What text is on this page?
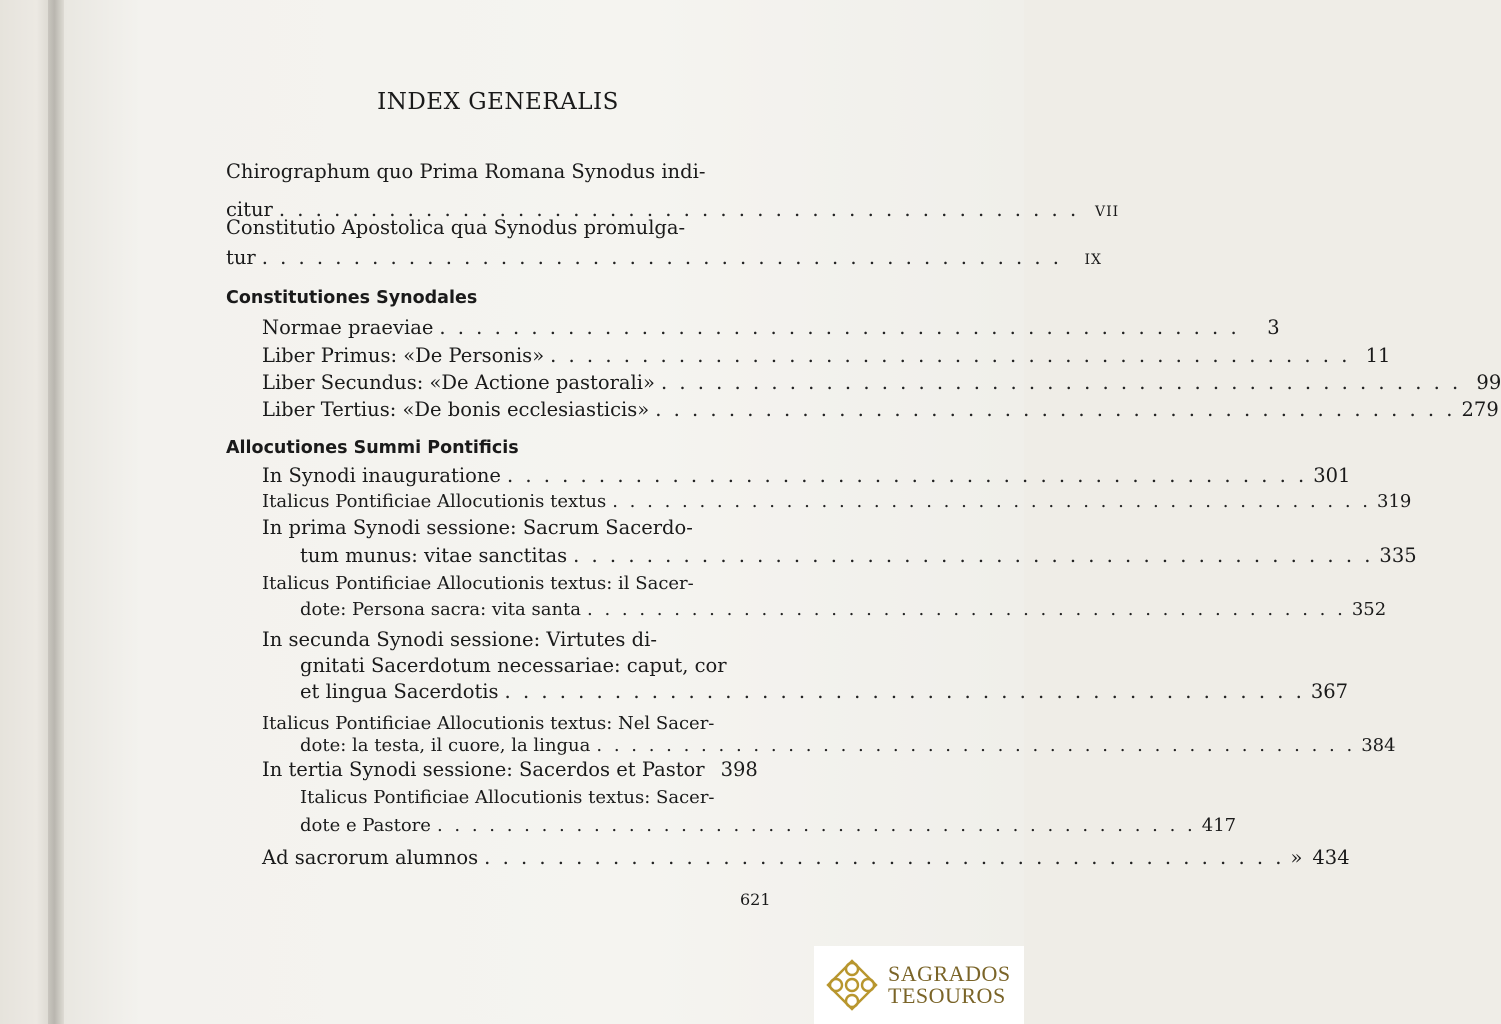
INDEX GENERALIS
Chirographum quo Prima Romana Synodus indi-
citur . . . . . . . . . . . . . . . . . . . . . . . . . . . . . . . . . . . . . . . . . . . .	VII
Constitutio Apostolica qua Synodus promulga-
tur . . . . . . . . . . . . . . . . . . . . . . . . . . . . . . . . . . . . . . . . . . . .	IX
Constitutiones Synodales
Normae praeviae . . . . . . . . . . . . . . . . . . . . . . . . . . . . . . . . . . . . . . . . . . . .	3
Liber Primus: «De Personis» . . . . . . . . . . . . . . . . . . . . . . . . . . . . . . . . . . . . . . . . . . . . 11
Liber Secundus: «De Actione pastorali» . . . . . . . . . . . . . . . . . . . . . . . . . . . . . . . . . . . . . . . . . . . . 99
Liber Tertius: «De bonis ecclesiasticis» . . . . . . . . . . . . . . . . . . . . . . . . . . . . . . . . . . . . . . . . . . . . 279
Allocutiones Summi Pontificis
In Synodi inauguratione . . . . . . . . . . . . . . . . . . . . . . . . . . . . . . . . . . . . . . . . . . . . 301
Italicus Pontificiae Allocutionis textus . . . . . . . . . . . . . . . . . . . . . . . . . . . . . . . . . . . . . . . . . . . . 319
In prima Synodi sessione: Sacrum Sacerdo-
tum munus: vitae sanctitas . . . . . . . . . . . . . . . . . . . . . . . . . . . . . . . . . . . . . . . . . . . . 335
Italicus Pontificiae Allocutionis textus: il Sacer-
dote: Persona sacra: vita santa . . . . . . . . . . . . . . . . . . . . . . . . . . . . . . . . . . . . . . . . . . . . 352
In secunda Synodi sessione: Virtutes di-
gnitati Sacerdotum necessariae: caput, cor
et lingua Sacerdotis . . . . . . . . . . . . . . . . . . . . . . . . . . . . . . . . . . . . . . . . . . . . 367
Italicus Pontificiae Allocutionis textus: Nel Sacer-
dote: la testa, il cuore, la lingua . . . . . . . . . . . . . . . . . . . . . . . . . . . . . . . . . . . . . . . . . . . . 384
In tertia Synodi sessione: Sacerdos et Pastor 398
Italicus Pontificiae Allocutionis textus: Sacer-
dote e Pastore . . . . . . . . . . . . . . . . . . . . . . . . . . . . . . . . . . . . . . . . . . . . 417
Ad sacrorum alumnos . . . . . . . . . . . . . . . . . . . . . . . . . . . . . . . . . . . . . . . . . . . . » 434
621
SAGRADOS
TESOUROS
